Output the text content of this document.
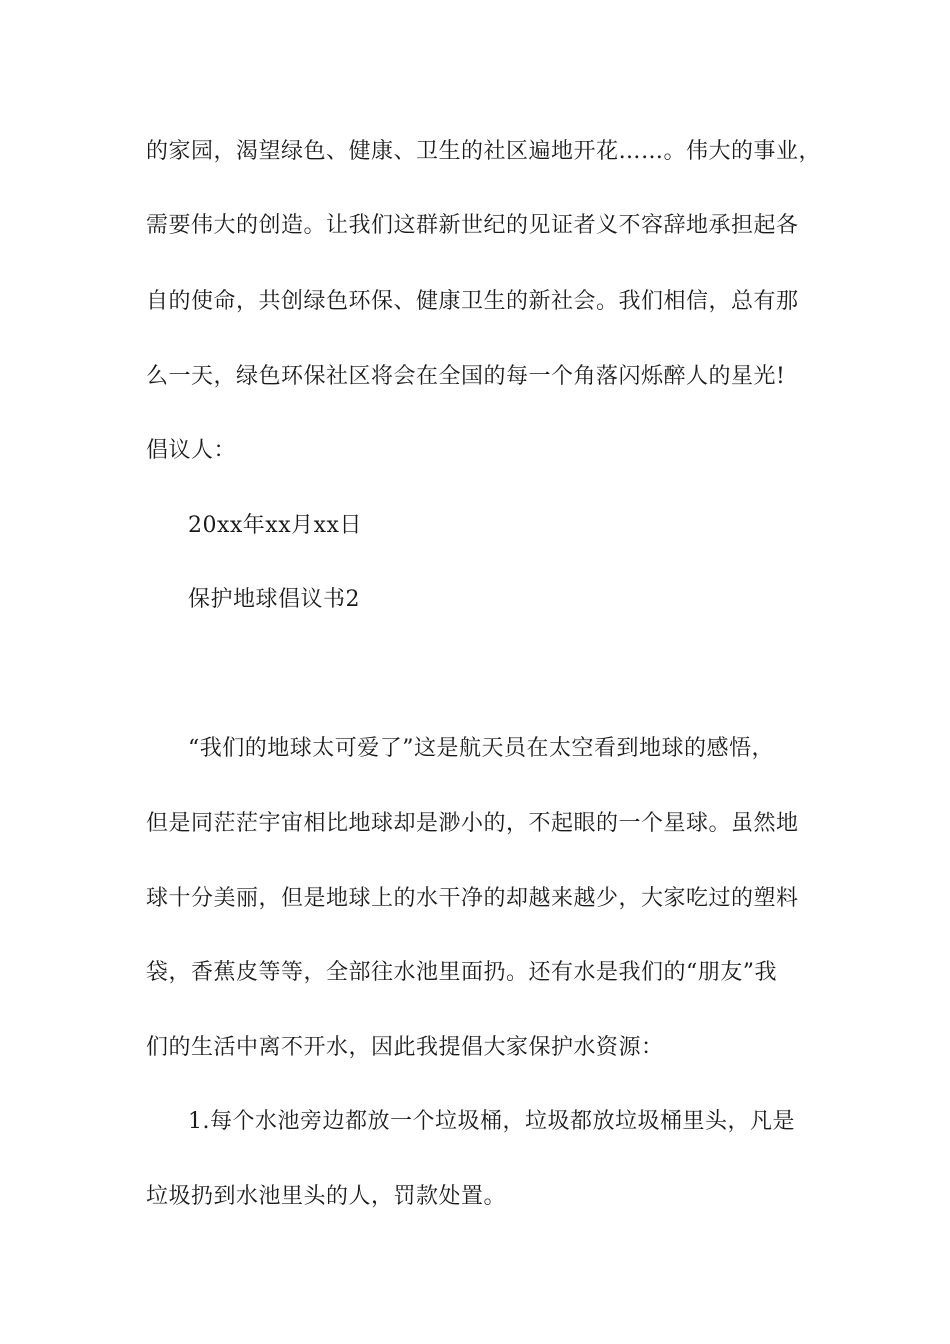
的家园，渴望绿色、健康、卫生的社区遍地开花……。伟大的事业，
需要伟大的创造。让我们这群新世纪的见证者义不容辞地承担起各
自的使命，共创绿色环保、健康卫生的新社会。我们相信，总有那
么一天，绿色环保社区将会在全国的每一个角落闪烁醉人的星光!
倡议人：
20xx年xx月xx日
保护地球倡议书2
“我们的地球太可爱了”这是航天员在太空看到地球的感悟，
但是同茫茫宇宙相比地球却是渺小的，不起眼的一个星球。虽然地
球十分美丽，但是地球上的水干净的却越来越少，大家吃过的塑料
袋，香蕉皮等等，全部往水池里面扔。还有水是我们的“朋友”我
们的生活中离不开水，因此我提倡大家保护水资源：
1.每个水池旁边都放一个垃圾桶，垃圾都放垃圾桶里头，凡是
垃圾扔到水池里头的人，罚款处置。
